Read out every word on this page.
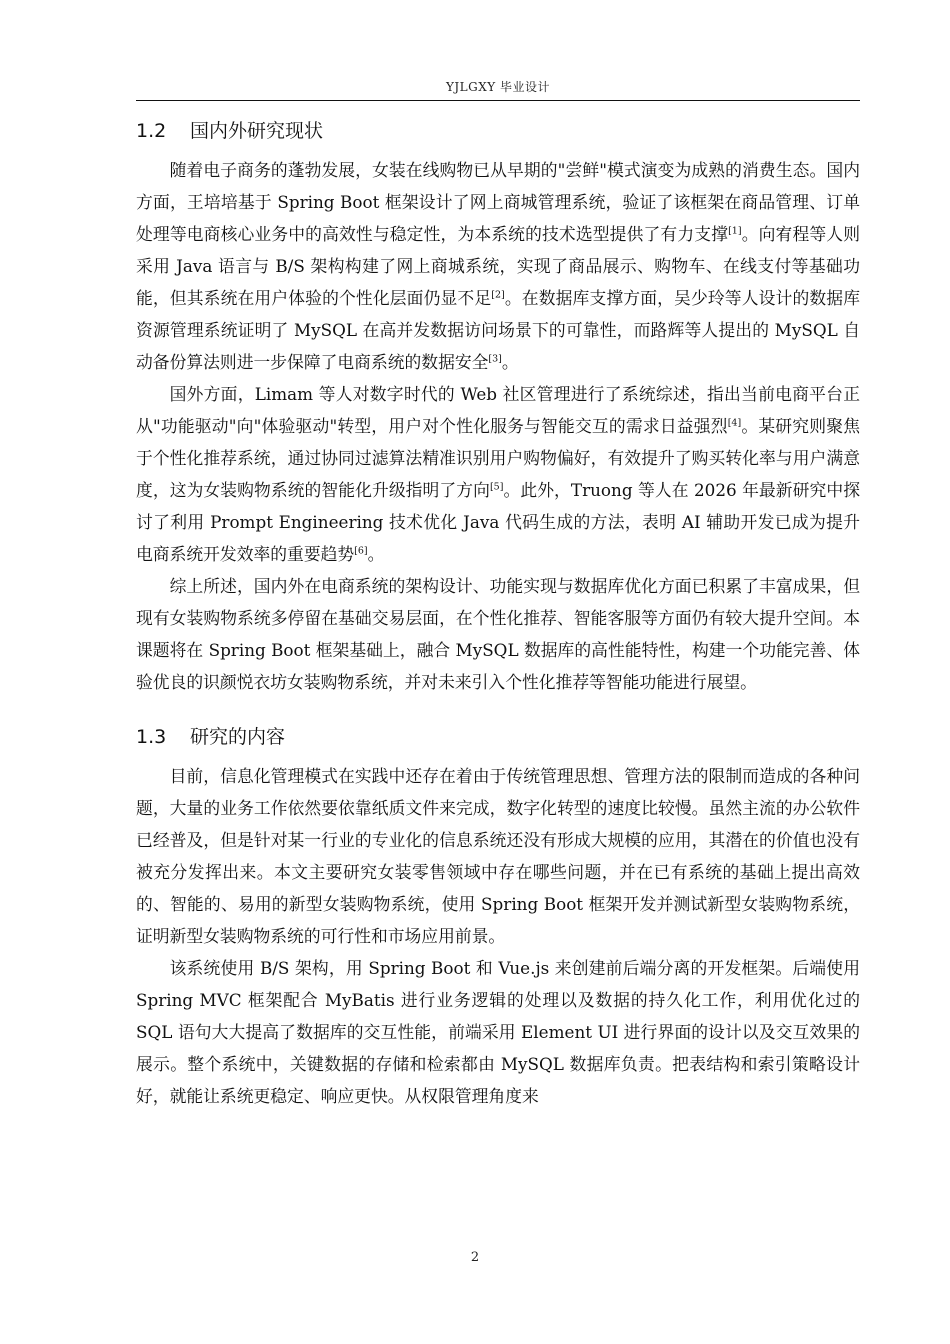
YJLGXY 毕业设计
1.2	国内外研究现状

随着电子商务的蓬勃发展，女装在线购物已从早期的"尝鲜"模式演变为成熟的消费生态。国内方面，王培培基于 Spring Boot 框架设计了网上商城管理系统，验证了该框架在商品管理、订单处理等电商核心业务中的高效性与稳定性，为本系统的技术选型提供了有力支撑[1]。向宥程等人则采用 Java 语言与 B/S 架构构建了网上商城系统，实现了商品展示、购物车、在线支付等基础功能，但其系统在用户体验的个性化层面仍显不足[2]。在数据库支撑方面，吴少玲等人设计的数据库资源管理系统证明了 MySQL 在高并发数据访问场景下的可靠性，而路辉等人提出的 MySQL 自动备份算法则进一步保障了电商系统的数据安全[3]。

国外方面，Limam 等人对数字时代的 Web 社区管理进行了系统综述，指出当前电商平台正从"功能驱动"向"体验驱动"转型，用户对个性化服务与智能交互的需求日益强烈[4]。某研究则聚焦于个性化推荐系统，通过协同过滤算法精准识别用户购物偏好，有效提升了购买转化率与用户满意度，这为女装购物系统的智能化升级指明了方向[5]。此外，Truong 等人在 2026 年最新研究中探讨了利用 Prompt Engineering 技术优化 Java 代码生成的方法，表明 AI 辅助开发已成为提升电商系统开发效率的重要趋势[6]。

综上所述，国内外在电商系统的架构设计、功能实现与数据库优化方面已积累了丰富成果，但现有女装购物系统多停留在基础交易层面，在个性化推荐、智能客服等方面仍有较大提升空间。本课题将在 Spring Boot 框架基础上，融合 MySQL 数据库的高性能特性，构建一个功能完善、体验优良的识颜悦衣坊女装购物系统，并对未来引入个性化推荐等智能功能进行展望。

1.3	研究的内容

目前，信息化管理模式在实践中还存在着由于传统管理思想、管理方法的限制而造成的各种问题，大量的业务工作依然要依靠纸质文件来完成，数字化转型的速度比较慢。虽然主流的办公软件已经普及，但是针对某一行业的专业化的信息系统还没有形成大规模的应用，其潜在的价值也没有被充分发挥出来。本文主要研究女装零售领域中存在哪些问题，并在已有系统的基础上提出高效的、智能的、易用的新型女装购物系统，使用 Spring Boot 框架开发并测试新型女装购物系统，证明新型女装购物系统的可行性和市场应用前景。

该系统使用 B/S 架构，用 Spring Boot 和 Vue.js 来创建前后端分离的开发框架。后端使用 Spring MVC 框架配合 MyBatis 进行业务逻辑的处理以及数据的持久化工作，利用优化过的 SQL 语句大大提高了数据库的交互性能，前端采用 Element UI 进行界面的设计以及交互效果的展示。整个系统中，关键数据的存储和检索都由 MySQL 数据库负责。把表结构和索引策略设计好，就能让系统更稳定、响应更快。从权限管理角度来

2
